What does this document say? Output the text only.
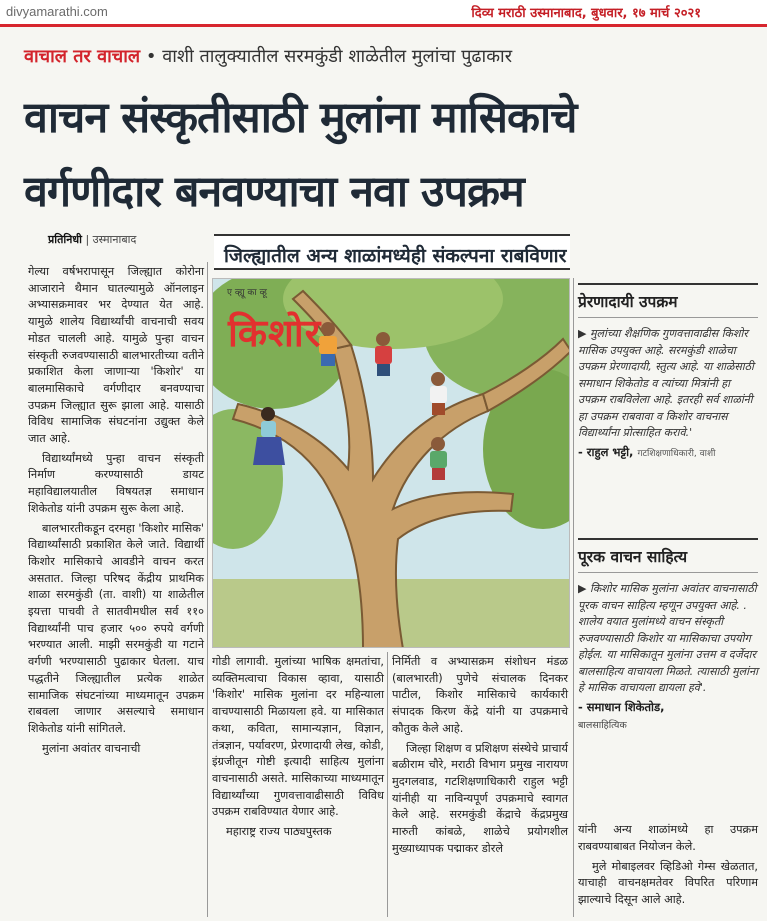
divyamarathi.com	दिव्य मराठी उस्मानाबाद, बुधवार, १७ मार्च २०२१
वाचाल तर वाचाल • वाशी तालुक्यातील सरमकुंडी शाळेतील मुलांचा पुढाकार
वाचन संस्कृतीसाठी मुलांना मासिकाचे
वर्गणीदार बनवण्याचा नवा उपक्रम
प्रतिनिधी | उस्मानाबाद
जिल्ह्यातील अन्य शाळांमध्येही संकल्पना राबविणार

गेल्या वर्षभरापासून जिल्ह्यात कोरोना आजाराने थैमान घातल्यामुळे ऑनलाइन अभ्यासक्रमावर भर देण्यात येत आहे. यामुळे शालेय विद्यार्थ्यांची वाचनाची सवय मोडत चालली आहे. यामुळे पुन्हा वाचन संस्कृती रुजवण्यासाठी बालभारतीच्या वतीने प्रकाशित केला जाणाऱ्या 'किशोर' या बालमासिकाचे वर्गणीदार बनवण्याचा उपक्रम जिल्ह्यात सुरू झाला आहे. यासाठी विविध सामाजिक संघटनांना उद्युक्त केले जात आहे.

विद्यार्थ्यांमध्ये पुन्हा वाचन संस्कृती निर्माण करण्यासाठी डायट महाविद्यालयातील विषयतज्ञ समाधान शिकेतोड यांनी उपक्रम सुरू केला आहे.

बालभारतीकडून दरमहा 'किशोर मासिक' विद्यार्थ्यांसाठी प्रकाशित केले जाते. विद्यार्थी किशोर मासिकाचे आवडीने वाचन करत असतात. जिल्हा परिषद केंद्रीय प्राथमिक शाळा सरमकुंडी (ता. वाशी) या शाळेतील इयत्ता पाचवी ते सातवीमधील सर्व ११० विद्यार्थ्यांनी पाच हजार ५०० रुपये वर्गणी भरण्यात आली. माझी सरमकुंडी या गटाने वर्गणी भरण्यासाठी पुढाकार घेतला. याच पद्धतीने जिल्ह्यातील प्रत्येक शाळेत सामाजिक संघटनांच्या माध्यमातून उपक्रम राबवला जाणार असल्याचे समाधान शिकेतोड यांनी सांगितले.

मुलांना अवांतर वाचनाची

ए व्ह्यू का व्हू
किशोर

गोडी लागावी. मुलांच्या भाषिक क्षमतांचा, व्यक्तिमत्वाचा विकास व्हावा, यासाठी 'किशोर' मासिक मुलांना दर महिन्याला वाचण्यासाठी मिळायला हवे. या मासिकात कथा, कविता, सामान्यज्ञान, विज्ञान, तंत्रज्ञान, पर्यावरण, प्रेरणादायी लेख, कोडी, इंग्रजीतून गोष्टी इत्यादी साहित्य मुलांना वाचनासाठी असते. मासिकाच्या माध्यमातून विद्यार्थ्यांच्या गुणवत्तावाढीसाठी विविध उपक्रम राबविण्यात येणार आहे.

महाराष्ट्र राज्य पाठ्यपुस्तक

निर्मिती व अभ्यासक्रम संशोधन मंडळ (बालभारती) पुणेचे संचालक दिनकर पाटील, किशोर मासिकाचे कार्यकारी संपादक किरण केंद्रे यांनी या उपक्रमाचे कौतुक केले आहे.

जिल्हा शिक्षण व प्रशिक्षण संस्थेचे प्राचार्य बळीराम चौरे, मराठी विभाग प्रमुख नारायण मुदगलवाड, गटशिक्षणाधिकारी राहुल भट्टी यांनीही या नाविन्यपूर्ण उपक्रमाचे स्वागत केले आहे. सरमकुंडी केंद्राचे केंद्रप्रमुख मारुती कांबळे, शाळेचे प्रयोगशील मुख्याध्यापक पद्माकर डोरले

प्रेरणादायी उपक्रम
▶ मुलांच्या शैक्षणिक गुणवत्तावाढीस किशोर मासिक उपयुक्त आहे. सरमकुंडी शाळेचा उपक्रम प्रेरणादायी, स्तुत्य आहे. या शाळेसाठी समाधान शिकेतोड व त्यांच्या मित्रांनी हा उपक्रम राबविलेला आहे. इतरही सर्व शाळांनी हा उपक्रम राबवावा व किशोर वाचनास विद्यार्थ्यांना प्रोत्साहित करावे.'
- राहुल भट्टी, गटशिक्षणाधिकारी, वाशी
पूरक वाचन साहित्य
▶ किशोर मासिक मुलांना अवांतर वाचनासाठी पूरक वाचन साहित्य म्हणून उपयुक्त आहे. . शालेय वयात मुलांमध्ये वाचन संस्कृती रुजवण्यासाठी किशोर या मासिकाचा उपयोग होईल. या मासिकातून मुलांना उत्तम व दर्जेदार बालसाहित्य वाचायला मिळते. त्यासाठी मुलांना हे मासिक वाचायला द्यायला हवे'.
- समाधान शिकेतोड,
बालसाहित्यिक

यांनी अन्य शाळांमध्ये हा उपक्रम राबवण्याबाबत नियोजन केले.

मुले मोबाइलवर व्हिडिओ गेम्स खेळतात, याचाही वाचनक्षमतेवर विपरित परिणाम झाल्याचे दिसून आले आहे.
